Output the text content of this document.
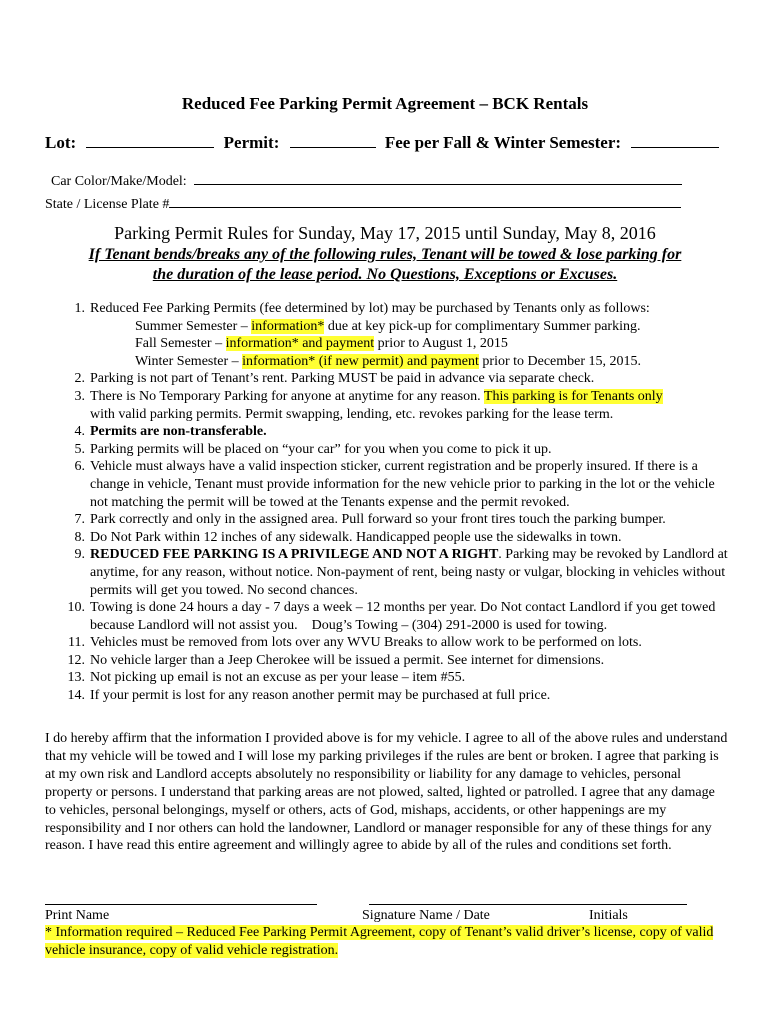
Reduced Fee Parking Permit Agreement – BCK Rentals
Lot:	Permit:	Fee per Fall & Winter Semester:
Car Color/Make/Model:
State / License Plate #
Parking Permit Rules for Sunday, May 17, 2015 until Sunday, May 8, 2016
If Tenant bends/breaks any of the following rules, Tenant will be towed & lose parking for
the duration of the lease period. No Questions, Exceptions or Excuses.
1. Reduced Fee Parking Permits (fee determined by lot) may be purchased by Tenants only as follows:
Summer Semester – information* due at key pick-up for complimentary Summer parking.
Fall Semester – information* and payment prior to August 1, 2015
Winter Semester – information* (if new permit) and payment prior to December 15, 2015.
2. Parking is not part of Tenant’s rent. Parking MUST be paid in advance via separate check.
3. There is No Temporary Parking for anyone at anytime for any reason. This parking is for Tenants only
with valid parking permits. Permit swapping, lending, etc. revokes parking for the lease term.
4. Permits are non-transferable.
5. Parking permits will be placed on “your car” for you when you come to pick it up.
6. Vehicle must always have a valid inspection sticker, current registration and be properly insured. If there is a change in vehicle, Tenant must provide information for the new vehicle prior to parking in the lot or the vehicle not matching the permit will be towed at the Tenants expense and the permit revoked.
7. Park correctly and only in the assigned area. Pull forward so your front tires touch the parking bumper.
8. Do Not Park within 12 inches of any sidewalk. Handicapped people use the sidewalks in town.
9. REDUCED FEE PARKING IS A PRIVILEGE AND NOT A RIGHT. Parking may be revoked by Landlord at anytime, for any reason, without notice. Non-payment of rent, being nasty or vulgar, blocking in vehicles without permits will get you towed. No second chances.
10. Towing is done 24 hours a day - 7 days a week – 12 months per year. Do Not contact Landlord if you get towed because Landlord will not assist you.    Doug’s Towing – (304) 291-2000 is used for towing.
11. Vehicles must be removed from lots over any WVU Breaks to allow work to be performed on lots.
12. No vehicle larger than a Jeep Cherokee will be issued a permit. See internet for dimensions.
13. Not picking up email is not an excuse as per your lease – item #55.
14. If your permit is lost for any reason another permit may be purchased at full price.
I do hereby affirm that the information I provided above is for my vehicle. I agree to all of the above rules and understand that my vehicle will be towed and I will lose my parking privileges if the rules are bent or broken. I agree that parking is at my own risk and Landlord accepts absolutely no responsibility or liability for any damage to vehicles, personal property or persons. I understand that parking areas are not plowed, salted, lighted or patrolled. I agree that any damage to vehicles, personal belongings, myself or others, acts of God, mishaps, accidents, or other happenings are my responsibility and I nor others can hold the landowner, Landlord or manager responsible for any of these things for any reason. I have read this entire agreement and willingly agree to abide by all of the rules and conditions set forth.
Print Name	Signature Name / Date	Initials
* Information required – Reduced Fee Parking Permit Agreement, copy of Tenant’s valid driver’s license, copy of valid vehicle insurance, copy of valid vehicle registration.
